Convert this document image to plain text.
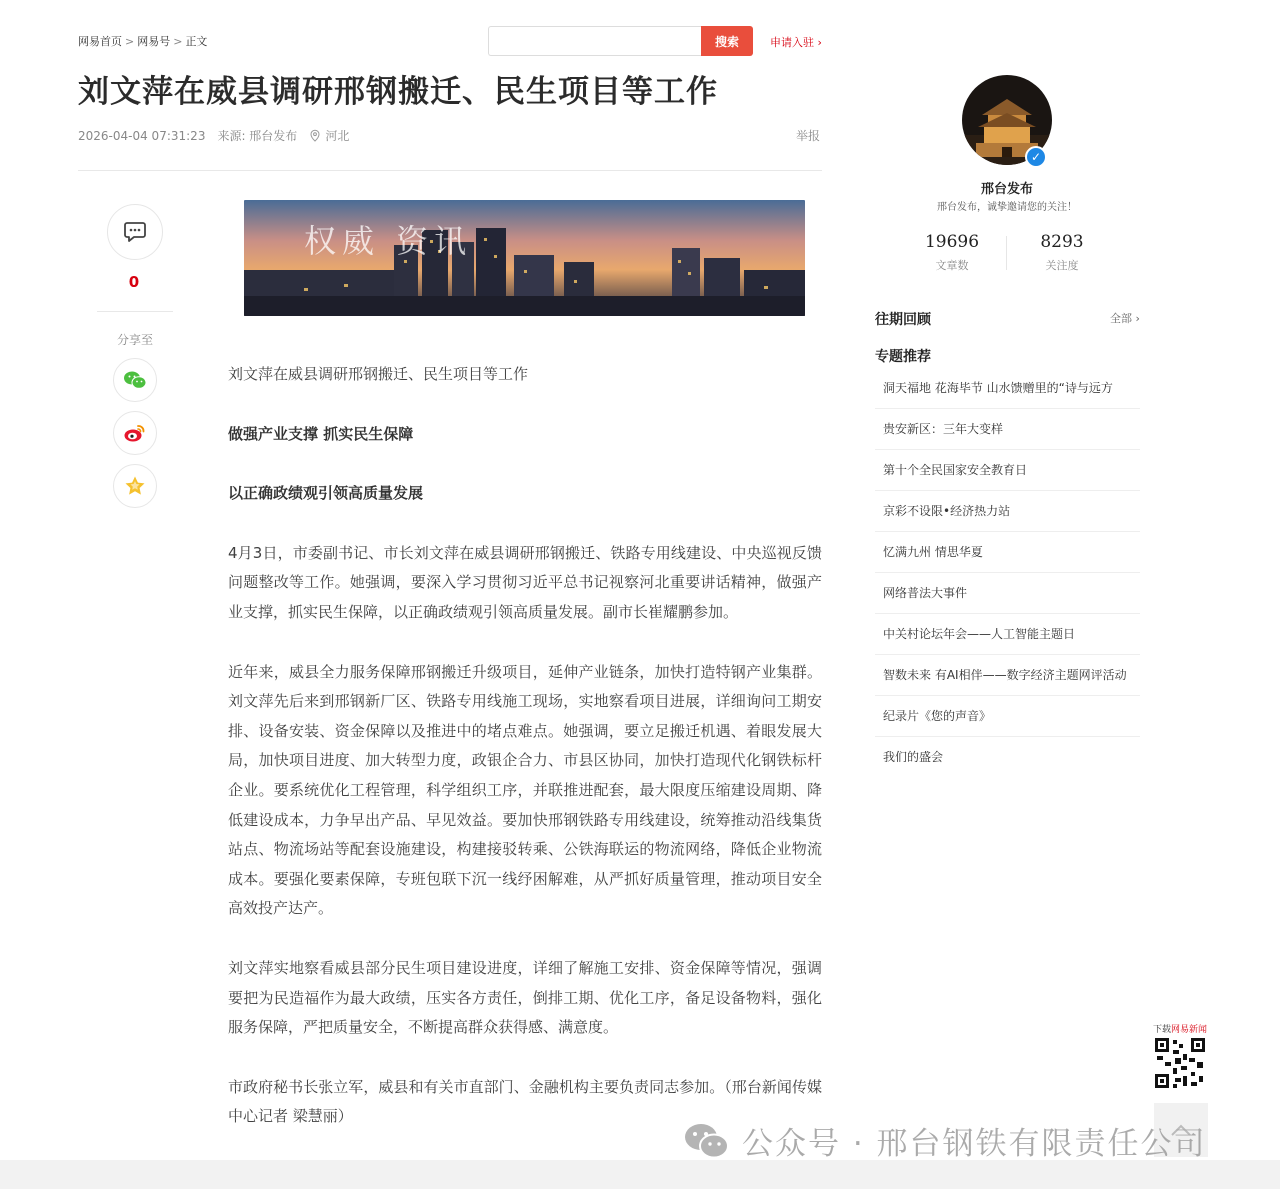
网易首页 > 网易号 > 正文	搜索	申请入驻 ›
刘文萍在威县调研邢钢搬迁、民生项目等工作
2026-04-04 07:31:23 来源: 邢台发布 河北	举报
0
分享至
权威 资讯

刘文萍在威县调研邢钢搬迁、民生项目等工作

做强产业支撑 抓实民生保障

以正确政绩观引领高质量发展

4月3日，市委副书记、市长刘文萍在威县调研邢钢搬迁、铁路专用线建设、中央巡视反馈问题整改等工作。她强调，要深入学习贯彻习近平总书记视察河北重要讲话精神，做强产业支撑，抓实民生保障，以正确政绩观引领高质量发展。副市长崔耀鹏参加。

近年来，威县全力服务保障邢钢搬迁升级项目，延伸产业链条，加快打造特钢产业集群。刘文萍先后来到邢钢新厂区、铁路专用线施工现场，实地察看项目进展，详细询问工期安排、设备安装、资金保障以及推进中的堵点难点。她强调，要立足搬迁机遇、着眼发展大局，加快项目进度、加大转型力度，政银企合力、市县区协同，加快打造现代化钢铁标杆企业。要系统优化工程管理，科学组织工序，并联推进配套，最大限度压缩建设周期、降低建设成本，力争早出产品、早见效益。要加快邢钢铁路专用线建设，统筹推动沿线集货站点、物流场站等配套设施建设，构建接驳转乘、公铁海联运的物流网络，降低企业物流成本。要强化要素保障，专班包联下沉一线纾困解难，从严抓好质量管理，推动项目安全高效投产达产。

刘文萍实地察看威县部分民生项目建设进度，详细了解施工安排、资金保障等情况，强调要把为民造福作为最大政绩，压实各方责任，倒排工期、优化工序，备足设备物料，强化服务保障，严把质量安全，不断提高群众获得感、满意度。

市政府秘书长张立军，威县和有关市直部门、金融机构主要负责同志参加。（邢台新闻传媒中心记者 梁慧丽）

✓
邢台发布
邢台发布，诚挚邀请您的关注！
19696
文章数
8293
关注度
往期回顾	全部 ›
专题推荐
洞天福地 花海毕节 山水馈赠里的“诗与远方
贵安新区：三年大变样
第十个全民国家安全教育日
京彩不设限•经济热力站
忆满九州 情思华夏
网络普法大事件
中关村论坛年会——人工智能主题日
智数未来 有AI相伴——数字经济主题网评活动
纪录片《您的声音》
我们的盛会
下载网易新闻
公众号 · 邢台钢铁有限责任公司
